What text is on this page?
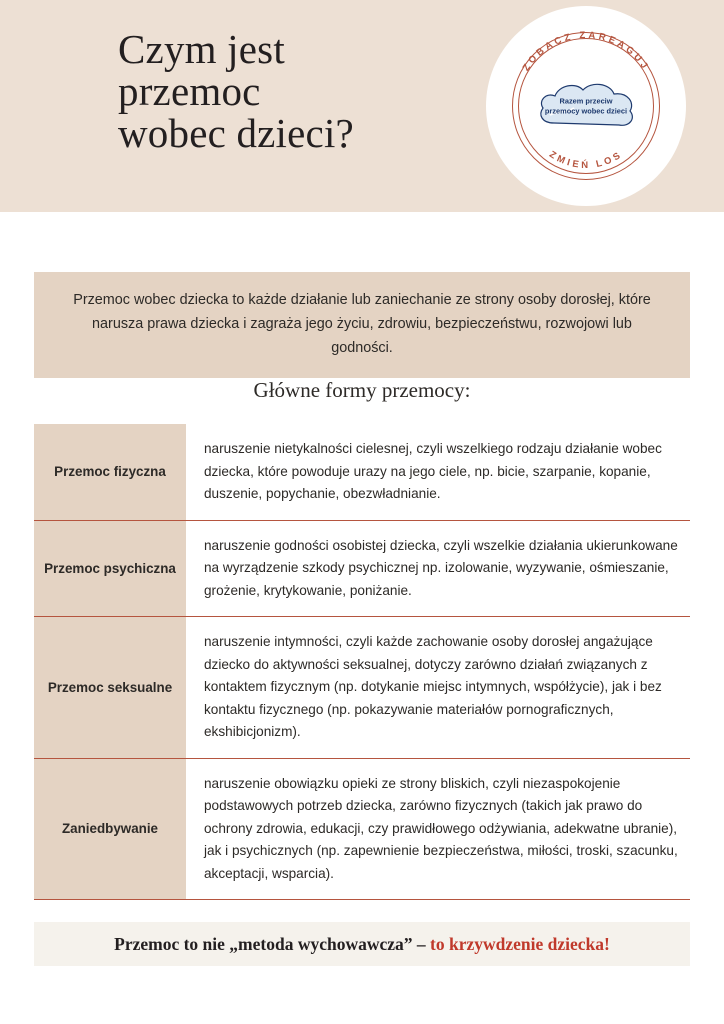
Czym jest
przemoc
wobec dzieci?
Razem przeciw
przemocy wobec dzieci
ZOBACZ ZAREAGUJ
ZMIEŃ LOS
Przemoc wobec dziecka to każde działanie lub zaniechanie ze strony osoby dorosłej, które narusza prawa dziecka i zagraża jego życiu, zdrowiu, bezpieczeństwu, rozwojowi lub godności.
Główne formy przemocy:
Przemoc fizyczna
naruszenie nietykalności cielesnej, czyli wszelkiego rodzaju działanie wobec dziecka, które powoduje urazy na jego ciele, np. bicie, szarpanie, kopanie, duszenie, popychanie, obezwładnianie.
Przemoc psychiczna
naruszenie godności osobistej dziecka, czyli wszelkie działania ukierunkowane na wyrządzenie szkody psychicznej np. izolowanie, wyzywanie, ośmieszanie, grożenie, krytykowanie, poniżanie.
Przemoc seksualne
naruszenie intymności, czyli każde zachowanie osoby dorosłej angażujące dziecko do aktywności seksualnej, dotyczy zarówno działań związanych z kontaktem fizycznym (np. dotykanie miejsc intymnych, współżycie), jak i bez kontaktu fizycznego (np. pokazywanie materiałów pornograficznych, ekshibicjonizm).
Zaniedbywanie
naruszenie obowiązku opieki ze strony bliskich, czyli niezaspokojenie podstawowych potrzeb dziecka, zarówno fizycznych (takich jak prawo do ochrony zdrowia, edukacji, czy prawidłowego odżywiania, adekwatne ubranie), jak i psychicznych (np. zapewnienie bezpieczeństwa, miłości, troski, szacunku, akceptacji, wsparcia).
Przemoc to nie „metoda wychowawcza” – to krzywdzenie dziecka!
